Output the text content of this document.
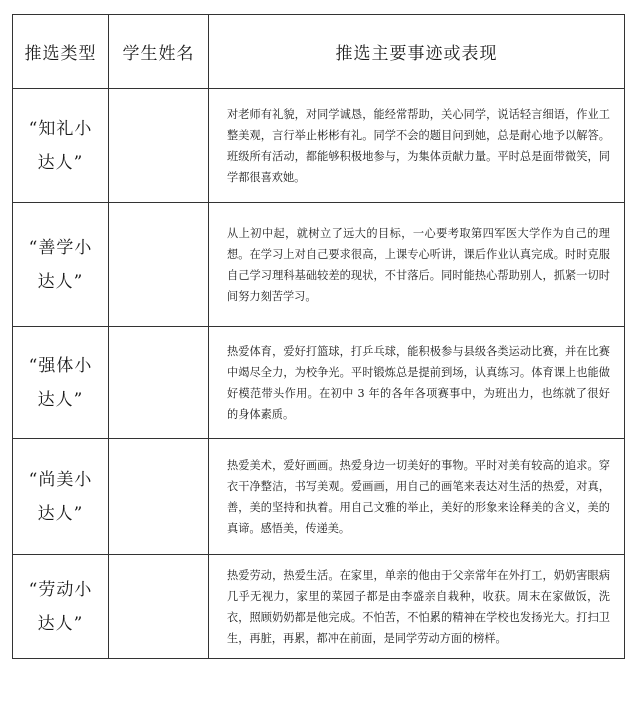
推选类型	学生姓名	推选主要事迹或表现

“知礼小
达人”		对老师有礼貌，对同学诚恳，能经常帮助，关心同学，说话轻言细语，作业工整美观，言行举止彬彬有礼。同学不会的题目问到她，总是耐心地予以解答。班级所有活动，都能够积极地参与，为集体贡献力量。平时总是面带微笑，同学都很喜欢她。

“善学小
达人”		从上初中起，就树立了远大的目标，一心要考取第四军医大学作为自己的理想。在学习上对自己要求很高，上课专心听讲，课后作业认真完成。时时克服自己学习理科基础较差的现状，不甘落后。同时能热心帮助别人，抓紧一切时间努力刻苦学习。

“强体小
达人”		热爱体育，爱好打篮球，打乒乓球，能积极参与县级各类运动比赛，并在比赛中竭尽全力，为校争光。平时锻炼总是提前到场，认真练习。体育课上也能做好模范带头作用。在初中 3 年的各年各项赛事中，为班出力，也练就了很好的身体素质。

“尚美小
达人”		热爱美术，爱好画画。热爱身边一切美好的事物。平时对美有较高的追求。穿衣干净整洁，书写美观。爱画画，用自己的画笔来表达对生活的热爱，对真，善，美的坚持和执着。用自己文雅的举止，美好的形象来诠释美的含义，美的真谛。感悟美，传递美。

“劳动小
达人”		热爱劳动，热爱生活。在家里，单亲的他由于父亲常年在外打工，奶奶害眼病几乎无视力，家里的菜园子都是由李盛亲自栽种，收获。周末在家做饭，洗衣，照顾奶奶都是他完成。不怕苦，不怕累的精神在学校也发扬光大。打扫卫生，再脏，再累，都冲在前面，是同学劳动方面的榜样。
